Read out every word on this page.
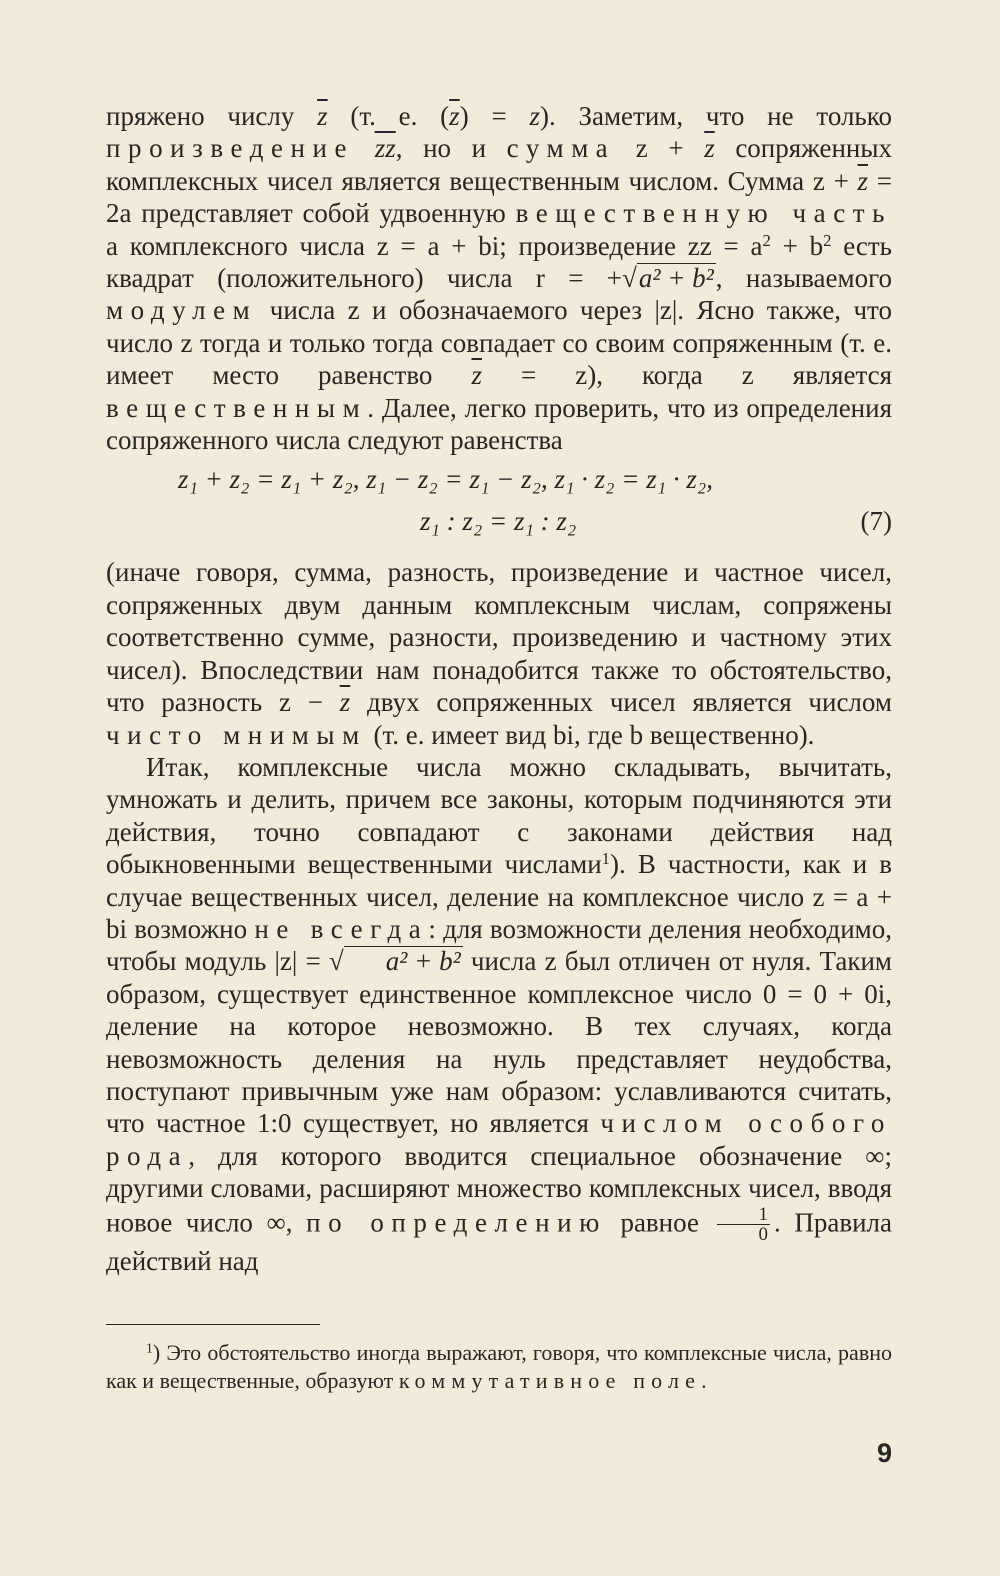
пряжено числу $\overline{z}$ (т. е. $(\overline{z}) = z$). Заметим, что не только произведение $\overline{zz}$, но и сумма $z + \overline{z}$ сопряженных комплексных чисел является вещественным числом. Сумма $z + \overline{z} = 2a$ представляет собой удвоенную вещественную часть a комплексного числа z = a + bi; произведение zz = $a^2 + b^2$ есть квадрат (положительного) числа r = +√a² + b², называемого модулем числа z и обозначаемого через |z|. Ясно также, что число z тогда и только тогда совпадает со своим сопряженным (т. е. имеет место равенство $\overline{z} = z$), когда z является вещественным. Далее, легко проверить, что из определения сопряженного числа следуют равенства

z₁ + z₂ = z₁ + z₂, z₁ − z₂ = z₁ − z₂, z₁ · z₂ = z₁ · z₂,
z₁ : z₂ = z₁ : z₂	(7)

(иначе говоря, сумма, разность, произведение и частное чисел, сопряженных двум данным комплексным числам, сопряжены соответственно сумме, разности, произведению и частному этих чисел). Впоследствии нам понадобится также то обстоятельство, что разность $z - \overline{z}$ двух сопряженных чисел является числом чисто мнимым (т. е. имеет вид bi, где b вещественно).

Итак, комплексные числа можно складывать, вычитать, умножать и делить, причем все законы, которым подчиняются эти действия, точно совпадают с законами действия над обыкновенными вещественными числами$^1$). В частности, как и в случае вещественных чисел, деление на комплексное число z = a + bi возможно не всегда: для возможности деления необходимо, чтобы модуль |z| = √ a² + b² числа z был отличен от нуля. Таким образом, существует единственное комплексное число 0 = 0 + 0i, деление на которое невозможно. В тех случаях, когда невозможность деления на нуль представляет неудобства, поступают привычным уже нам образом: уславливаются считать, что частное 1:0 существует, но является числом особого рода, для которого вводится специальное обозначение ∞; другими словами, расширяют множество комплексных чисел, вводя новое число ∞, по определению равное $\frac{1}{0}$ . Правила действий над

$^1$) Это обстоятельство иногда выражают, говоря, что комплексные числа, равно как и вещественные, образуют коммутативное поле.

9
